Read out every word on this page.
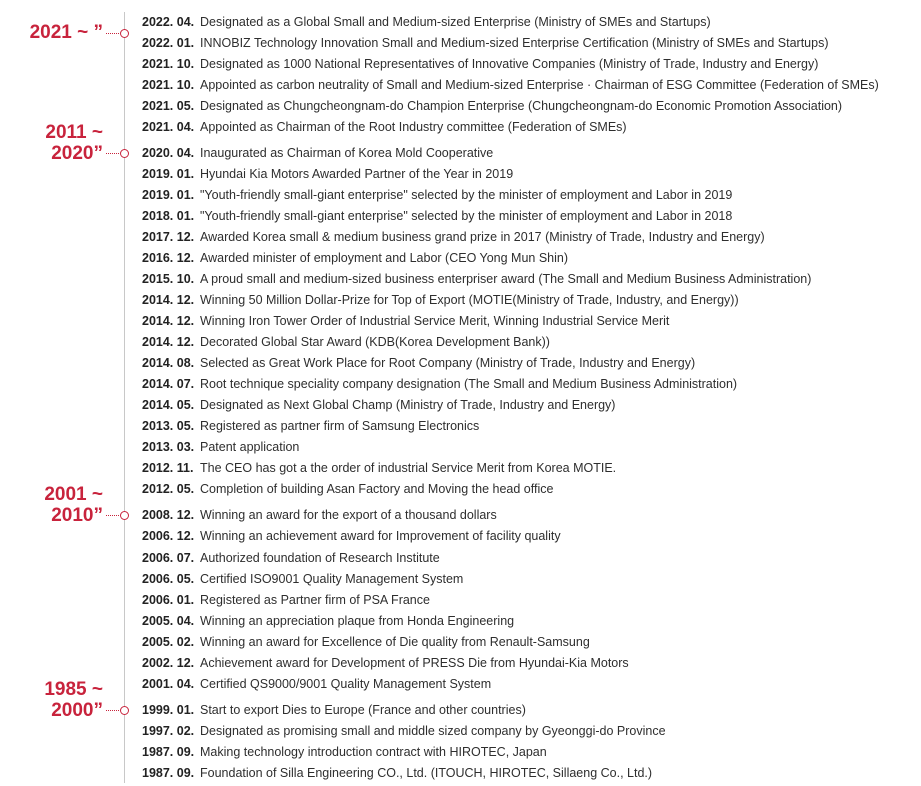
2021 ~ ”	2022. 04. Designated as a Global Small and Medium-sized Enterprise (Ministry of SMEs and Startups)
2022. 01. INNOBIZ Technology Innovation Small and Medium-sized Enterprise Certification (Ministry of SMEs and Startups)
2021. 10. Designated as 1000 National Representatives of Innovative Companies (Ministry of Trade, Industry and Energy)
2021. 10. Appointed as carbon neutrality of Small and Medium-sized Enterprise · Chairman of ESG Committee (Federation of SMEs)
2021. 05. Designated as Chungcheongnam-do Champion Enterprise (Chungcheongnam-do Economic Promotion Association)
2021. 04. Appointed as Chairman of the Root Industry committee (Federation of SMEs)
2011 ~
2020”	2020. 04. Inaugurated as Chairman of Korea Mold Cooperative
2019. 01. Hyundai Kia Motors Awarded Partner of the Year in 2019
2019. 01. "Youth-friendly small-giant enterprise" selected by the minister of employment and Labor in 2019
2018. 01. "Youth-friendly small-giant enterprise" selected by the minister of employment and Labor in 2018
2017. 12. Awarded Korea small & medium business grand prize in 2017 (Ministry of Trade, Industry and Energy)
2016. 12. Awarded minister of employment and Labor (CEO Yong Mun Shin)
2015. 10. A proud small and medium-sized business enterpriser award (The Small and Medium Business Administration)
2014. 12. Winning 50 Million Dollar-Prize for Top of Export (MOTIE(Ministry of Trade, Industry, and Energy))
2014. 12. Winning Iron Tower Order of Industrial Service Merit, Winning Industrial Service Merit
2014. 12. Decorated Global Star Award (KDB(Korea Development Bank))
2014. 08. Selected as Great Work Place for Root Company (Ministry of Trade, Industry and Energy)
2014. 07. Root technique speciality company designation (The Small and Medium Business Administration)
2014. 05. Designated as Next Global Champ (Ministry of Trade, Industry and Energy)
2013. 05. Registered as partner firm of Samsung Electronics
2013. 03. Patent application
2012. 11. The CEO has got a the order of industrial Service Merit from Korea MOTIE.
2012. 05. Completion of building Asan Factory and Moving the head office
2001 ~
2010”	2008. 12. Winning an award for the export of a thousand dollars
2006. 12. Winning an achievement award for Improvement of facility quality
2006. 07. Authorized foundation of Research Institute
2006. 05. Certified ISO9001 Quality Management System
2006. 01. Registered as Partner firm of PSA France
2005. 04. Winning an appreciation plaque from Honda Engineering
2005. 02. Winning an award for Excellence of Die quality from Renault-Samsung
2002. 12. Achievement award for Development of PRESS Die from Hyundai-Kia Motors
2001. 04. Certified QS9000/9001 Quality Management System
1985 ~
2000”	1999. 01. Start to export Dies to Europe (France and other countries)
1997. 02. Designated as promising small and middle sized company by Gyeonggi-do Province
1987. 09. Making technology introduction contract with HIROTEC, Japan
1987. 09. Foundation of Silla Engineering CO., Ltd. (ITOUCH, HIROTEC, Sillaeng Co., Ltd.)
